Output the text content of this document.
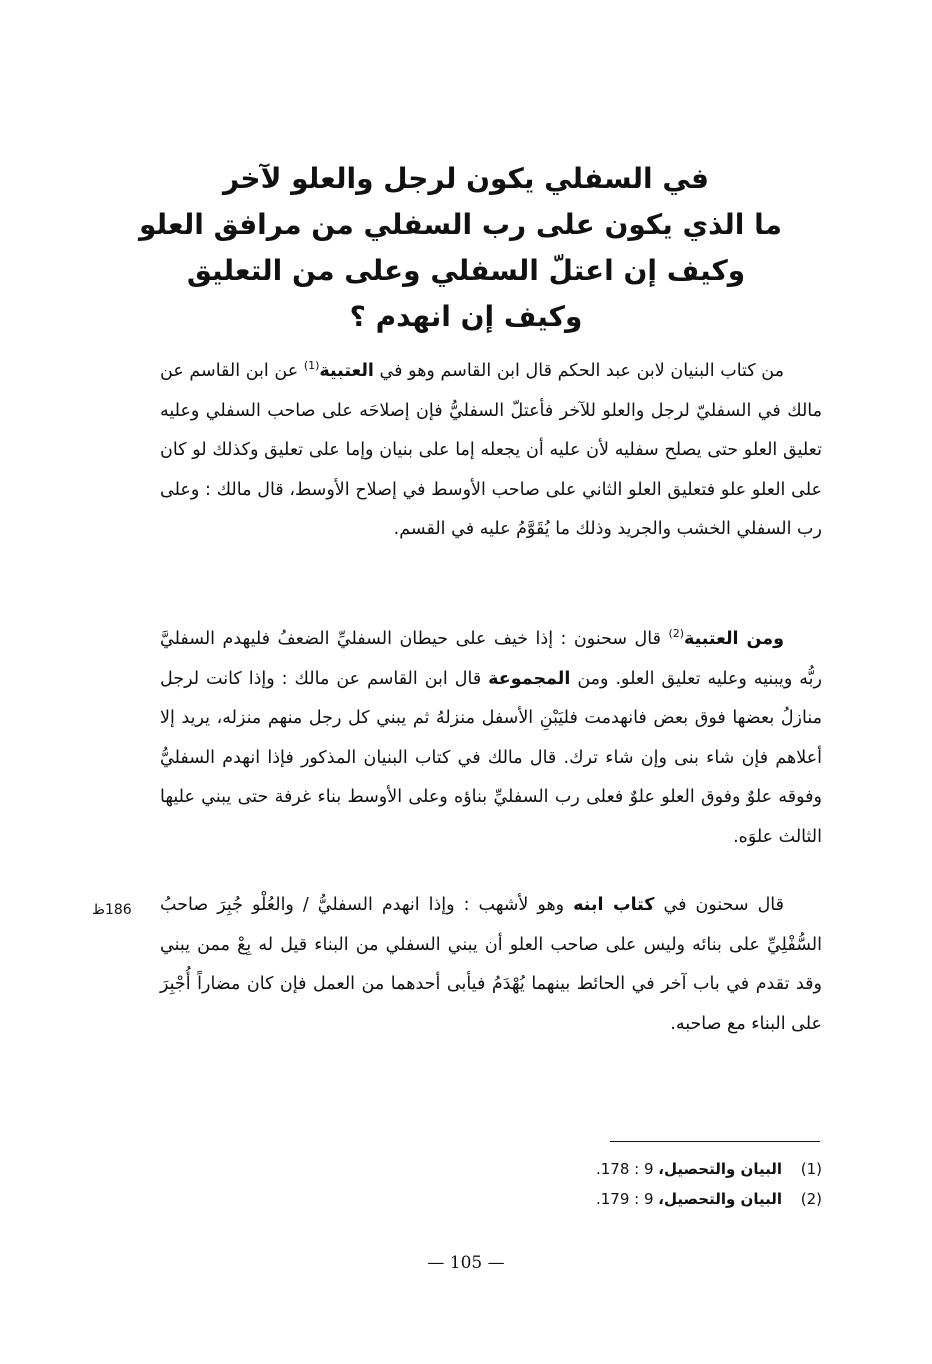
في السفلي يكون لرجل والعلو لآخر
ما الذي يكون على رب السفلي من مرافق العلو
وكيف إن اعتلّ السفلي وعلى من التعليق
وكيف إن انهدم ؟

من كتاب البنيان لابن عبد الحكم قال ابن القاسم وهو في العتبية$^{(1)}$ عن ابن القاسم عن مالك في السفليّ لرجل والعلو للآخر فأعتلّ السفليُّ فإن إصلاحَه على صاحب السفلي وعليه تعليق العلو حتى يصلح سفليه لأن عليه أن يجعله إما على بنيان وإما على تعليق وكذلك لو كان على العلو علو فتعليق العلو الثاني على صاحب الأوسط في إصلاح الأوسط، قال مالك : وعلى رب السفلي الخشب والجريد وذلك ما يُقَوَّمُ عليه في القسم.

ومن العتبية$^{(2)}$ قال سحنون : إذا خيف على حيطان السفليِّ الضعفُ فليهدم السفليَّ ربُّه ويبنيه وعليه تعليق العلو. ومن المجموعة قال ابن القاسم عن مالك : وإذا كانت لرجل منازلُ بعضها فوق بعض فانهدمت فليَبْنِ الأسفل منزلهُ ثم يبني كل رجل منهم منزله، يريد إلا أعلاهم فإن شاء بنى وإن شاء ترك. قال مالك في كتاب البنيان المذكور فإذا انهدم السفليُّ وفوقه علوٌ وفوق العلو علوٌ فعلى رب السفليِّ بناؤه وعلى الأوسط بناء غرفة حتى يبني عليها الثالث علوَه.

قال سحنون في كتاب ابنه وهو لأشهب : وإذا انهدم السفليُّ / والعُلْو جُبِرَ صاحبُ السُّفْلِيِّ على بنائه وليس على صاحب العلو أن يبني السفلي من البناء قيل له بِعْ ممن يبني وقد تقدم في باب آخر في الحائط بينهما يُهْدَمُ فيأبى أحدهما من العمل فإن كان مضاراً أُجْبِرَ على البناء مع صاحبه.

186ظ
(1)البيان والتحصيل، 9 : 178.
(2)البيان والتحصيل، 9 : 179.
— 105 —
